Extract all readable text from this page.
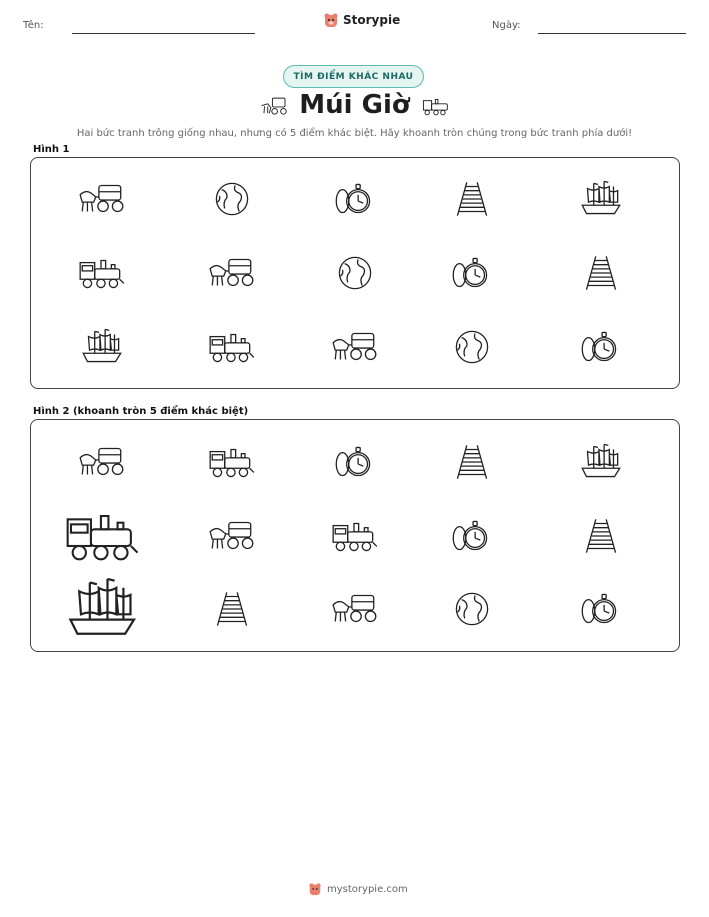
Tên:	Storypie	Ngày:
TÌM ĐIỂM KHÁC NHAU
Múi Giờ
Hai bức tranh trông giống nhau, nhưng có 5 điểm khác biệt. Hãy khoanh tròn chúng trong bức tranh phía dưới!
Hình 1
Hình 2 (khoanh tròn 5 điểm khác biệt)
mystorypie.com
